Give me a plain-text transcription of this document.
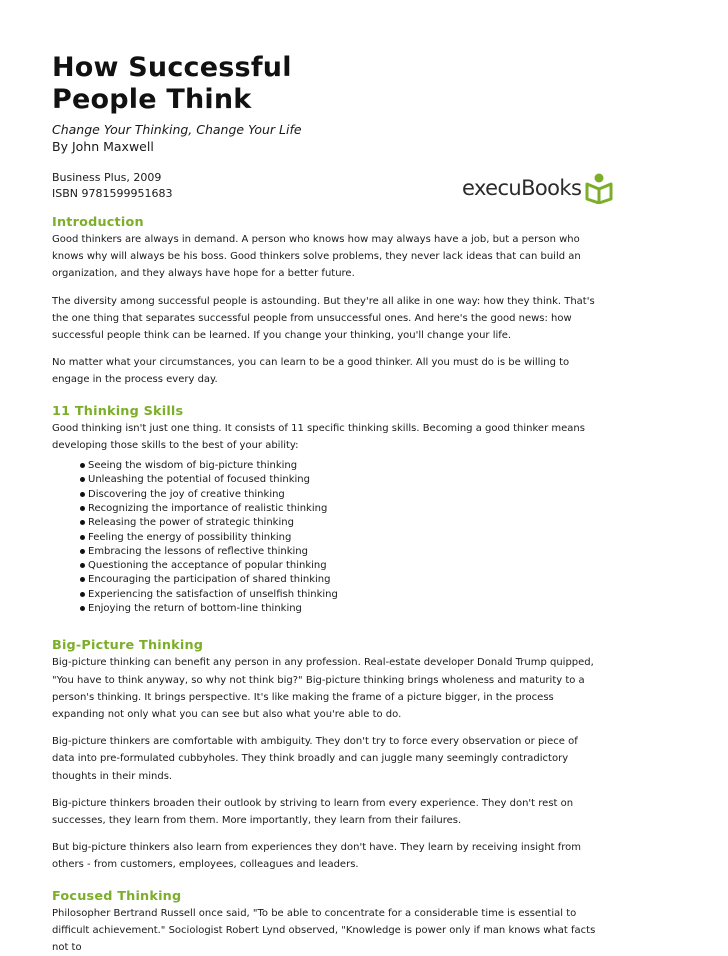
How Successful
People Think
Change Your Thinking, Change Your Life
By John Maxwell
Business Plus, 2009
ISBN 9781599951683
Introduction

Good thinkers are always in demand. A person who knows how may always have a job, but a person who knows why will always be his boss. Good thinkers solve problems, they never lack ideas that can build an organization, and they always have hope for a better future.

The diversity among successful people is astounding. But they're all alike in one way: how they think. That's the one thing that separates successful people from unsuccessful ones. And here's the good news: how successful people think can be learned. If you change your thinking, you'll change your life.

No matter what your circumstances, you can learn to be a good thinker. All you must do is be willing to engage in the process every day.

11 Thinking Skills

Good thinking isn't just one thing. It consists of 11 specific thinking skills. Becoming a good thinker means developing those skills to the best of your ability:

Seeing the wisdom of big-picture thinking
Unleashing the potential of focused thinking
Discovering the joy of creative thinking
Recognizing the importance of realistic thinking
Releasing the power of strategic thinking
Feeling the energy of possibility thinking
Embracing the lessons of reflective thinking
Questioning the acceptance of popular thinking
Encouraging the participation of shared thinking
Experiencing the satisfaction of unselfish thinking
Enjoying the return of bottom-line thinking
Big-Picture Thinking

Big-picture thinking can benefit any person in any profession. Real-estate developer Donald Trump quipped, "You have to think anyway, so why not think big?" Big-picture thinking brings wholeness and maturity to a person's thinking. It brings perspective. It's like making the frame of a picture bigger, in the process expanding not only what you can see but also what you're able to do.

Big-picture thinkers are comfortable with ambiguity. They don't try to force every observation or piece of data into pre-formulated cubbyholes. They think broadly and can juggle many seemingly contradictory thoughts in their minds.

Big-picture thinkers broaden their outlook by striving to learn from every experience. They don't rest on successes, they learn from them. More importantly, they learn from their failures.

But big-picture thinkers also learn from experiences they don't have. They learn by receiving insight from others - from customers, employees, colleagues and leaders.

Focused Thinking

Philosopher Bertrand Russell once said, "To be able to concentrate for a considerable time is essential to difficult achievement." Sociologist Robert Lynd observed, "Knowledge is power only if man knows what facts not to

execuBooks
